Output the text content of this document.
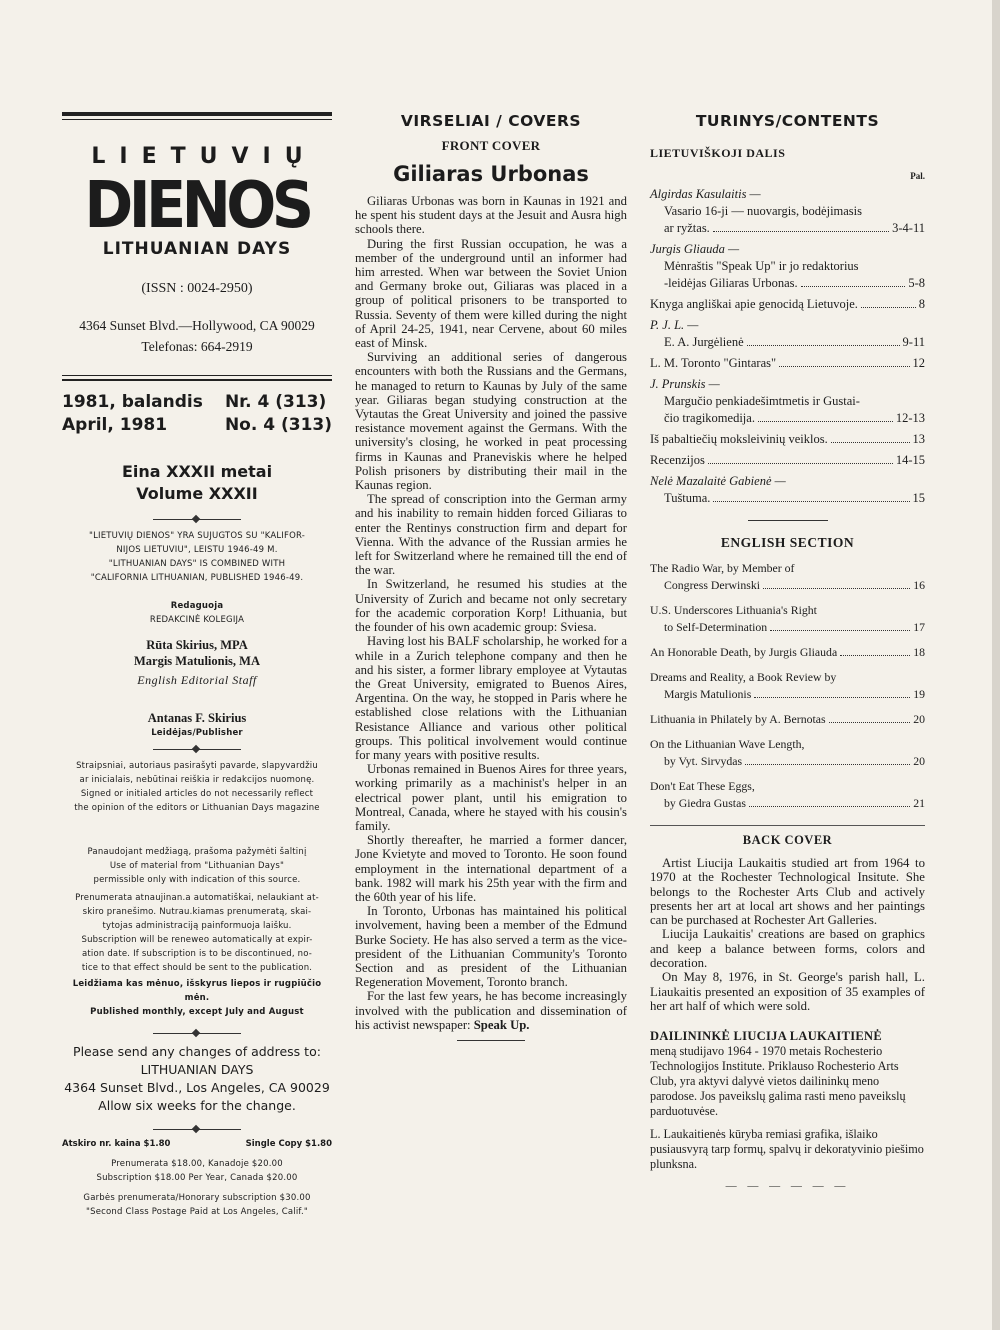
LIETUVIŲ
DIENOS
LITHUANIAN DAYS
(ISSN : 0024-2950)
4364 Sunset Blvd.—Hollywood, CA 90029
Telefonas: 664-2919
1981, balandis
April, 1981
Nr. 4 (313)
No. 4 (313)
Eina XXXII metai
Volume XXXII
"LIETUVIŲ DIENOS" YRA SUJUGTOS SU "KALIFOR-
NIJOS LIETUVIU", LEISTU 1946-49 M.
"LITHUANIAN DAYS" IS COMBINED WITH
"CALIFORNIA LITHUANIAN, PUBLISHED 1946-49.
Redaguoja
REDAKCINĖ KOLEGIJA
Rūta Skirius, MPA
Margis Matulionis, MA
English Editorial Staff
Antanas F. Skirius
Leidėjas/Publisher
Straipsniai, autoriaus pasirašyti pavarde, slapyvardžiu
ar inicialais, nebūtinai reiškia ir redakcijos nuomonę.
Signed or initialed articles do not necessarily reflect
the opinion of the editors or Lithuanian Days magazine
Panaudojant medžiagą, prašoma pažymėti šaltinį
Use of material from "Lithuanian Days"
permissible only with indication of this source.
Prenumerata atnaujinan.a automatiškai, nelaukiant at-
skiro pranešimo. Nutrau.kiamas prenumeratą, skai-
tytojas administraciją painformuoja laišku.
Subscription will be reneweo automatically at expir-
ation date. If subscription is to be discontinued, no-
tice to that effect should be sent to the publication.
Leidžiama kas mėnuo, išskyrus liepos ir rugpiūčio
mėn.
Published monthly, except July and August
Please send any changes of address to:
LITHUANIAN DAYS
4364 Sunset Blvd., Los Angeles, CA 90029
Allow six weeks for the change.
Atskiro nr. kaina $1.80	Single Copy $1.80
Prenumerata $18.00, Kanadoje $20.00
Subscription $18.00 Per Year, Canada $20.00
Garbės prenumerata/Honorary subscription $30.00
"Second Class Postage Paid at Los Angeles, Calif."
VIRSELIAI / COVERS
FRONT COVER
Giliaras Urbonas

Giliaras Urbonas was born in Kaunas in 1921 and he spent his student days at the Jesuit and Ausra high schools there.

During the first Russian occupation, he was a member of the underground until an informer had him arrested. When war between the Soviet Union and Germany broke out, Giliaras was placed in a group of political prisoners to be transported to Russia. Seventy of them were killed during the night of April 24-25, 1941, near Cervene, about 60 miles east of Minsk.

Surviving an additional series of dangerous encounters with both the Russians and the Germans, he managed to return to Kaunas by July of the same year. Giliaras began studying construction at the Vytautas the Great University and joined the passive resistance movement against the Germans. With the university's closing, he worked in peat processing firms in Kaunas and Praneviskis where he helped Polish prisoners by distributing their mail in the Kaunas region.

The spread of conscription into the German army and his inability to remain hidden forced Giliaras to enter the Rentinys construction firm and depart for Vienna. With the advance of the Russian armies he left for Switzerland where he remained till the end of the war.

In Switzerland, he resumed his studies at the University of Zurich and became not only secretary for the academic corporation Korp! Lithuania, but the founder of his own academic group: Sviesa.

Having lost his BALF scholarship, he worked for a while in a Zurich telephone company and then he and his sister, a former library employee at Vytautas the Great University, emigrated to Buenos Aires, Argentina. On the way, he stopped in Paris where he established close relations with the Lithuanian Resistance Alliance and various other political groups. This political involvement would continue for many years with positive results.

Urbonas remained in Buenos Aires for three years, working primarily as a machinist's helper in an electrical power plant, until his emigration to Montreal, Canada, where he stayed with his cousin's family.

Shortly thereafter, he married a former dancer, Jone Kvietyte and moved to Toronto. He soon found employment in the international department of a bank. 1982 will mark his 25th year with the firm and the 60th year of his life.

In Toronto, Urbonas has maintained his political involvement, having been a member of the Edmund Burke Society. He has also served a term as the vice-president of the Lithuanian Community's Toronto Section and as president of the Lithuanian Regeneration Movement, Toronto branch.

For the last few years, he has become increasingly involved with the publication and dissemination of his activist newspaper: Speak Up.

TURINYS/CONTENTS
LIETUVIŠKOJI DALIS
Pal.
Algirdas Kasulaitis —
Vasario 16-ji — nuovargis, bodėjimasis
ar ryžtas.	3-4-11
Jurgis Gliauda —
Mėnraštis "Speak Up" ir jo redaktorius
-leidėjas Giliaras Urbonas.	5-8
Knyga angliškai apie genocidą Lietuvoje.	8
P. J. L. —
E. A. Jurgėlienė	9-11
L. M. Toronto "Gintaras"	12
J. Prunskis —
Margučio penkiadešimtmetis ir Gustai-
čio tragikomedija.	12-13
Iš pabaltiečių moksleivinių veiklos.	13
Recenzijos	14-15
Nelė Mazalaitė Gabienė —
Tuštuma.	15
ENGLISH SECTION
The Radio War, by Member of
Congress Derwinski	16
U.S. Underscores Lithuania's Right
to Self-Determination	17
An Honorable Death, by Jurgis Gliauda	18
Dreams and Reality, a Book Review by
Margis Matulionis	19
Lithuania in Philately by A. Bernotas	20
On the Lithuanian Wave Length,
by Vyt. Sirvydas	20
Don't Eat These Eggs,
by Giedra Gustas	21
BACK COVER

Artist Liucija Laukaitis studied art from 1964 to 1970 at the Rochester Technological Insitute. She belongs to the Rochester Arts Club and actively presents her art at local art shows and her paintings can be purchased at Rochester Art Galleries.

Liucija Laukaitis' creations are based on graphics and keep a balance between forms, colors and decoration.

On May 8, 1976, in St. George's parish hall, L. Liaukaitis presented an exposition of 35 examples of her art half of which were sold.

DAILININKĖ LIUCIJA LAUKAITIENĖ

meną studijavo 1964 - 1970 metais Rochesterio Technologijos Institute. Priklauso Rochesterio Arts Club, yra aktyvi dalyvė vietos dailininkų meno parodose. Jos paveikslų galima rasti meno paveikslų parduotuvėse.

L. Laukaitienės kūryba remiasi grafika, išlaiko pusiausvyrą tarp formų, spalvų ir dekoratyvinio piešimo plunksna.

— — — — — —
